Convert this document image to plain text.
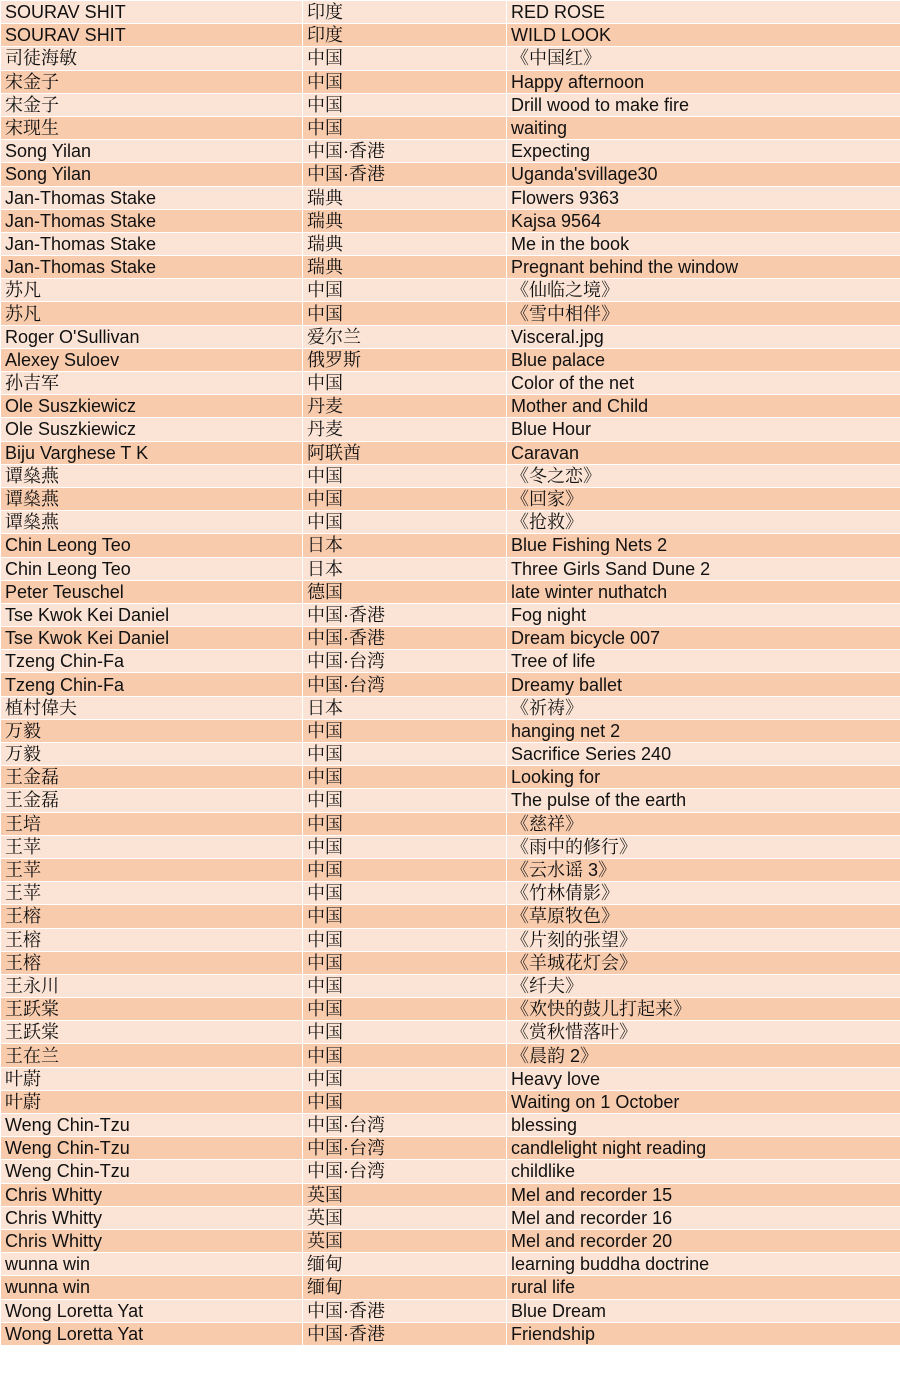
SOURAV SHIT	印度	RED ROSE
SOURAV SHIT	印度	WILD LOOK
司徒海敏	中国	《中国红》
宋金子	中国	Happy afternoon
宋金子	中国	Drill wood to make fire
宋现生	中国	waiting
Song Yilan	中国·香港	Expecting
Song Yilan	中国·香港	Uganda'svillage30
Jan-Thomas Stake	瑞典	Flowers 9363
Jan-Thomas Stake	瑞典	Kajsa 9564
Jan-Thomas Stake	瑞典	Me in the book
Jan-Thomas Stake	瑞典	Pregnant behind the window
苏凡	中国	《仙临之境》
苏凡	中国	《雪中相伴》
Roger O'Sullivan	爱尔兰	Visceral.jpg
Alexey Suloev	俄罗斯	Blue palace
孙吉军	中国	Color of the net
Ole Suszkiewicz	丹麦	Mother and Child
Ole Suszkiewicz	丹麦	Blue Hour
Biju Varghese T K	阿联酋	Caravan
谭燊燕	中国	《冬之恋》
谭燊燕	中国	《回家》
谭燊燕	中国	《抢救》
Chin Leong Teo	日本	Blue Fishing Nets 2
Chin Leong Teo	日本	Three Girls Sand Dune 2
Peter Teuschel	德国	late winter nuthatch
Tse Kwok Kei Daniel	中国·香港	Fog night
Tse Kwok Kei Daniel	中国·香港	Dream bicycle 007
Tzeng Chin-Fa	中国·台湾	Tree of life
Tzeng Chin-Fa	中国·台湾	Dreamy ballet
植村偉夫	日本	《祈祷》
万毅	中国	hanging net 2
万毅	中国	Sacrifice Series 240
王金磊	中国	Looking for
王金磊	中国	The pulse of the earth
王培	中国	《慈祥》
王苹	中国	《雨中的修行》
王苹	中国	《云水谣 3》
王苹	中国	《竹林倩影》
王榕	中国	《草原牧色》
王榕	中国	《片刻的张望》
王榕	中国	《羊城花灯会》
王永川	中国	《纤夫》
王跃棠	中国	《欢快的鼓儿打起来》
王跃棠	中国	《赏秋惜落叶》
王在兰	中国	《晨韵 2》
叶蔚	中国	Heavy love
叶蔚	中国	Waiting on 1 October
Weng Chin-Tzu	中国·台湾	blessing
Weng Chin-Tzu	中国·台湾	candlelight night reading
Weng Chin-Tzu	中国·台湾	childlike
Chris Whitty	英国	Mel and recorder 15
Chris Whitty	英国	Mel and recorder 16
Chris Whitty	英国	Mel and recorder 20
wunna win	缅甸	learning buddha doctrine
wunna win	缅甸	rural life
Wong Loretta Yat	中国·香港	Blue Dream
Wong Loretta Yat	中国·香港	Friendship
